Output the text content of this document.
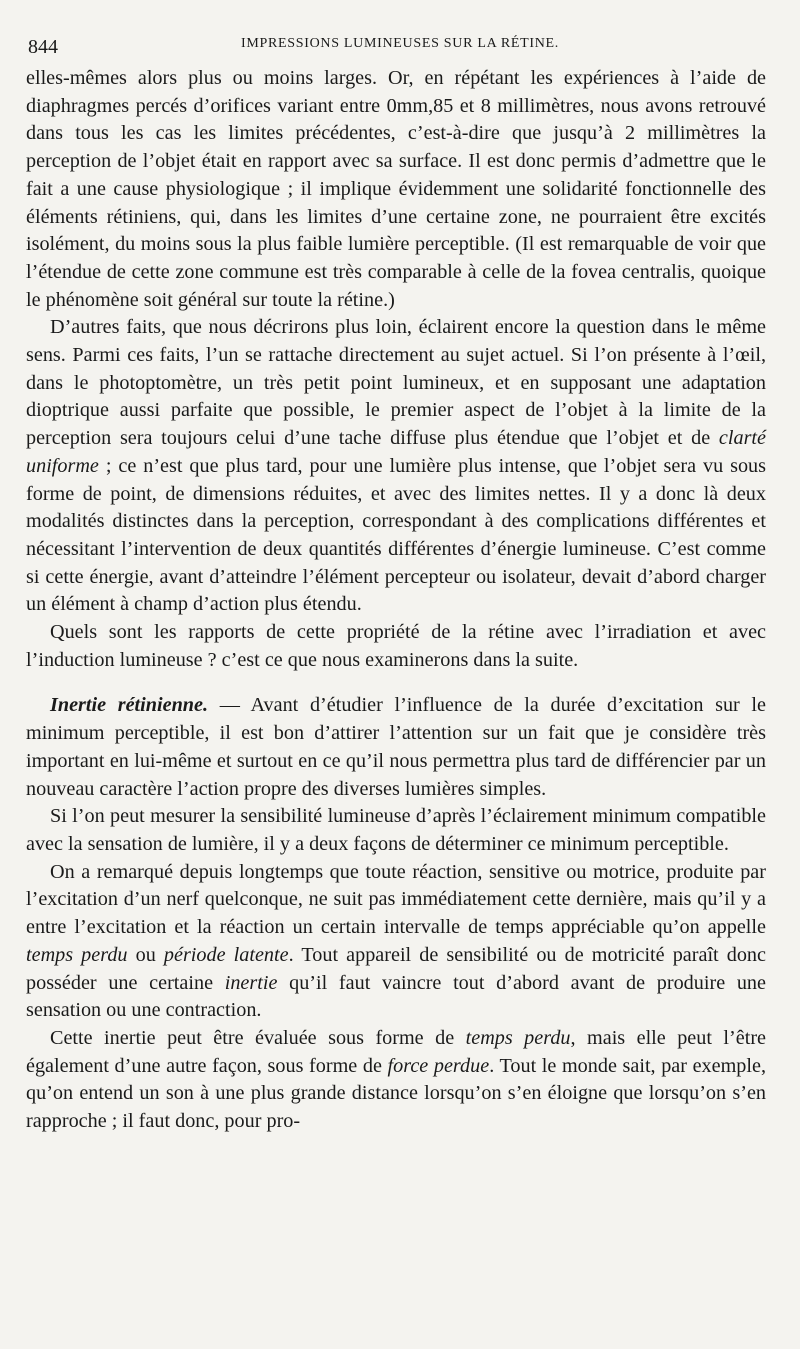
844	IMPRESSIONS LUMINEUSES SUR LA RÉTINE.

elles-mêmes alors plus ou moins larges. Or, en répétant les expériences à l’aide de diaphragmes percés d’orifices variant entre 0mm,85 et 8 millimètres, nous avons retrouvé dans tous les cas les limites précédentes, c’est-à-dire que jusqu’à 2 millimètres la perception de l’objet était en rapport avec sa surface. Il est donc permis d’admettre que le fait a une cause physiologique ; il implique évidemment une solidarité fonctionnelle des éléments rétiniens, qui, dans les limites d’une certaine zone, ne pourraient être excités isolément, du moins sous la plus faible lumière perceptible. (Il est remarquable de voir que l’étendue de cette zone commune est très comparable à celle de la fovea centralis, quoique le phénomène soit général sur toute la rétine.)

D’autres faits, que nous décrirons plus loin, éclairent encore la question dans le même sens. Parmi ces faits, l’un se rattache directement au sujet actuel. Si l’on présente à l’œil, dans le photoptomètre, un très petit point lumineux, et en supposant une adaptation dioptrique aussi parfaite que possible, le premier aspect de l’objet à la limite de la perception sera toujours celui d’une tache diffuse plus étendue que l’objet et de clarté uniforme ; ce n’est que plus tard, pour une lumière plus intense, que l’objet sera vu sous forme de point, de dimensions réduites, et avec des limites nettes. Il y a donc là deux modalités distinctes dans la perception, correspondant à des complications différentes et nécessitant l’intervention de deux quantités différentes d’énergie lumineuse. C’est comme si cette énergie, avant d’atteindre l’élément percepteur ou isolateur, devait d’abord charger un élément à champ d’action plus étendu.

Quels sont les rapports de cette propriété de la rétine avec l’irradiation et avec l’induction lumineuse ? c’est ce que nous examinerons dans la suite.

Inertie rétinienne. — Avant d’étudier l’influence de la durée d’excitation sur le minimum perceptible, il est bon d’attirer l’attention sur un fait que je considère très important en lui-même et surtout en ce qu’il nous permettra plus tard de différencier par un nouveau caractère l’action propre des diverses lumières simples.

Si l’on peut mesurer la sensibilité lumineuse d’après l’éclairement minimum compatible avec la sensation de lumière, il y a deux façons de déterminer ce minimum perceptible.

On a remarqué depuis longtemps que toute réaction, sensitive ou motrice, produite par l’excitation d’un nerf quelconque, ne suit pas immédiatement cette dernière, mais qu’il y a entre l’excitation et la réaction un certain intervalle de temps appréciable qu’on appelle temps perdu ou période latente. Tout appareil de sensibilité ou de motricité paraît donc posséder une certaine inertie qu’il faut vaincre tout d’abord avant de produire une sensation ou une contraction.

Cette inertie peut être évaluée sous forme de temps perdu, mais elle peut l’être également d’une autre façon, sous forme de force perdue. Tout le monde sait, par exemple, qu’on entend un son à une plus grande distance lorsqu’on s’en éloigne que lorsqu’on s’en rapproche ; il faut donc, pour pro-
